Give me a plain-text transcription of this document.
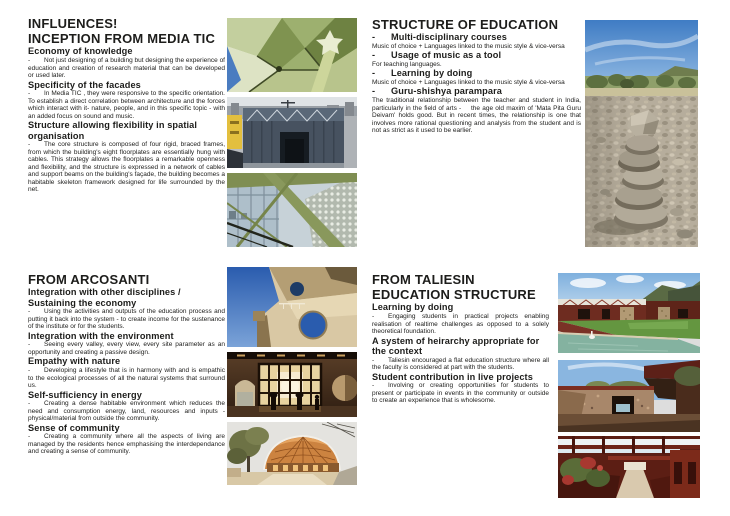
INFLUENCES!
INCEPTION FROM MEDIA TIC
Economy of knowledge

-	Not just designing of a building but designing the experience of education and creation of research material that can be developed or used later.

Specificity of the facades

-	In Media TIC , they were responsive to the specific orientation. To establish a direct correlation between architecture and the forces which interact with it- nature, people, and in this specific topic - with an added focus on sound and music.

Structure allowing flexibility in spatial organisation

-	The core structure is composed of four rigid, braced frames, from which the building's eight floorplates are essentially hung with cables. This strategy allows the floorplates a remarkable openness and flexibility, and the structure is expressed in a network of cables and support beams on the building's façade, the building becomes a habitable skeleton framework designed for life surrounded by the net.

STRUCTURE OF EDUCATION
-	Multi-disciplinary courses

Music of choice + Languages linked to the music style & vice-versa

-	Usage of music as a tool

For teaching languages.

-	Learning by doing

Music of choice + Languages linked to the music style & vice-versa

-	Guru-shishya parampara

The traditional relationship between the teacher and student in India, particularly in the field of arts -  the age old maxim of 'Mata Pita Guru Deivam' holds good. But in recent times, the relationship is one that involves more rational questioning and analysis from the student and is not as strict as it used to be earlier.

FROM ARCOSANTI
Integration with other disciplines / Sustaining the economy

-	Using the activities and outputs of the education process and putting it back into the system - to create income for the sustenance of the institute or for the students.

Integration with the environment

-	Seeing every valley, every view, every site parameter as an opportunity and creating a passive design.

Empathy with nature

-	Developing a lifestyle that is in harmony with and is empathic to the ecological processes of all the natural systems that surround us.

Self-sufficiency in energy

-	Creating a dense habitable environment which reduces the need and consumption energy, land, resources and inputs - physical/material from outside the community.

Sense of community

-	Creating a community where all the aspects of living are managed by the residents hence emphasising the interdependance and creating a sense of community.

FROM TALIESIN
EDUCATION STRUCTURE
Learning by doing

-	Engaging students in practical projects enabling realisation of realtime challenges as opposed to a solely theoretical foundation.

A system of heirarchy appropriate for the context

-	Taliesin encouraged a flat education structure where all the faculty is considered at part with the students.

Student contribution in live projects

-	Involving or creating opportunities for students to present or participate in events in the community or outside to create an experience that is wholesome.
